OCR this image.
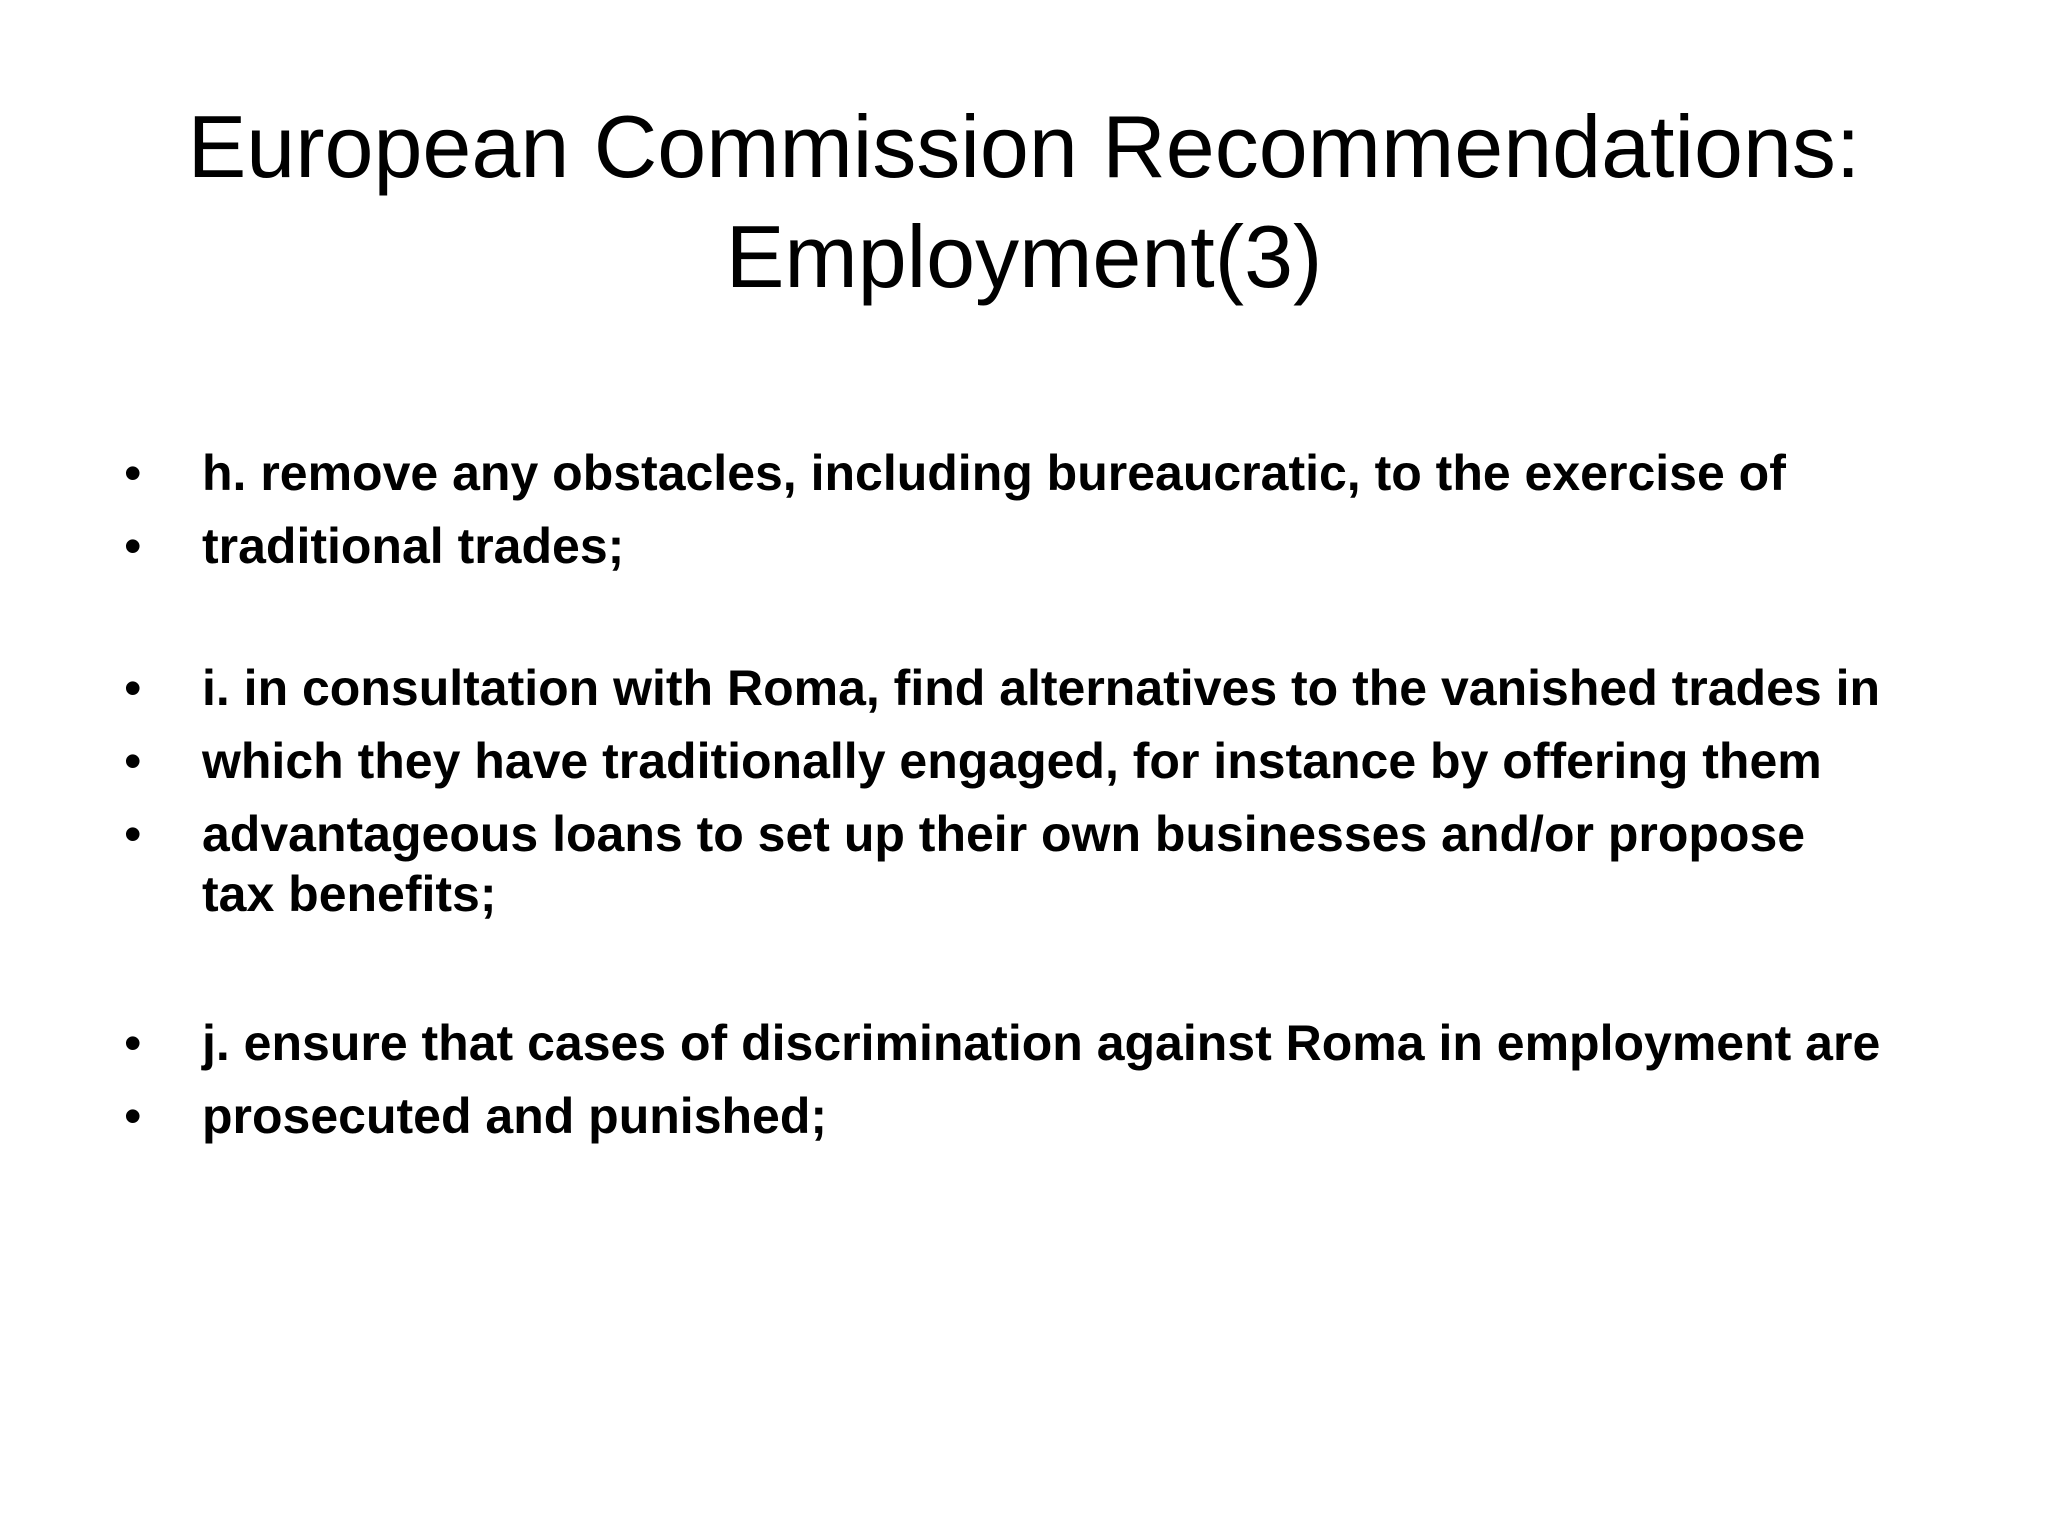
European Commission Recommendations:
Employment(3)
• h. remove any obstacles, including bureaucratic, to the exercise of
• traditional trades;
• i. in consultation with Roma, find alternatives to the vanished trades in
• which they have traditionally engaged, for instance by offering them
• advantageous loans to set up their own businesses and/or propose
tax benefits;
• j. ensure that cases of discrimination against Roma in employment are
• prosecuted and punished;
